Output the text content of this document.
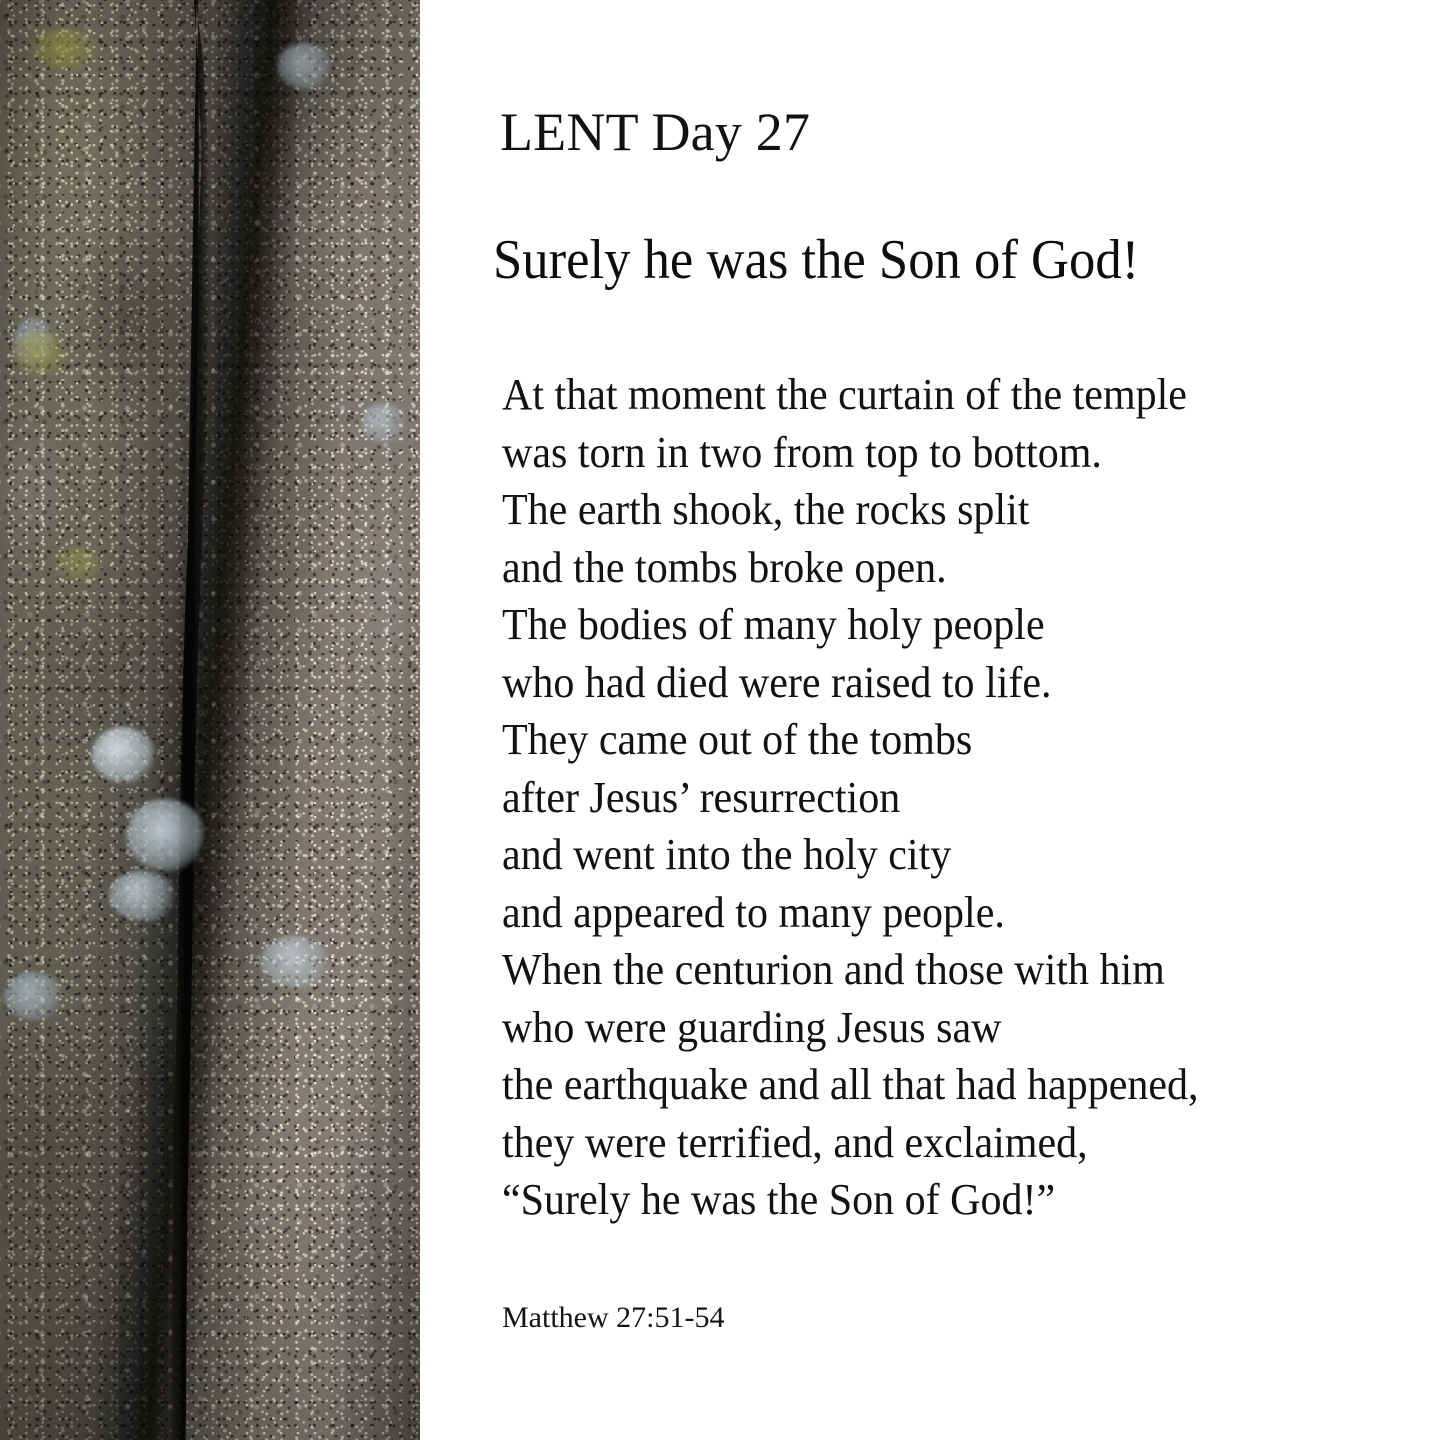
LENT Day 27
Surely he was the Son of God!
At that moment the curtain of the temple
was torn in two from top to bottom.
The earth shook, the rocks split
and the tombs broke open.
The bodies of many holy people
who had died were raised to life.
They came out of the tombs
after Jesus’ resurrection
and went into the holy city
and appeared to many people.
When the centurion and those with him
who were guarding Jesus saw
the earthquake and all that had happened,
they were terrified, and exclaimed,
“Surely he was the Son of God!”
Matthew 27:51-54
